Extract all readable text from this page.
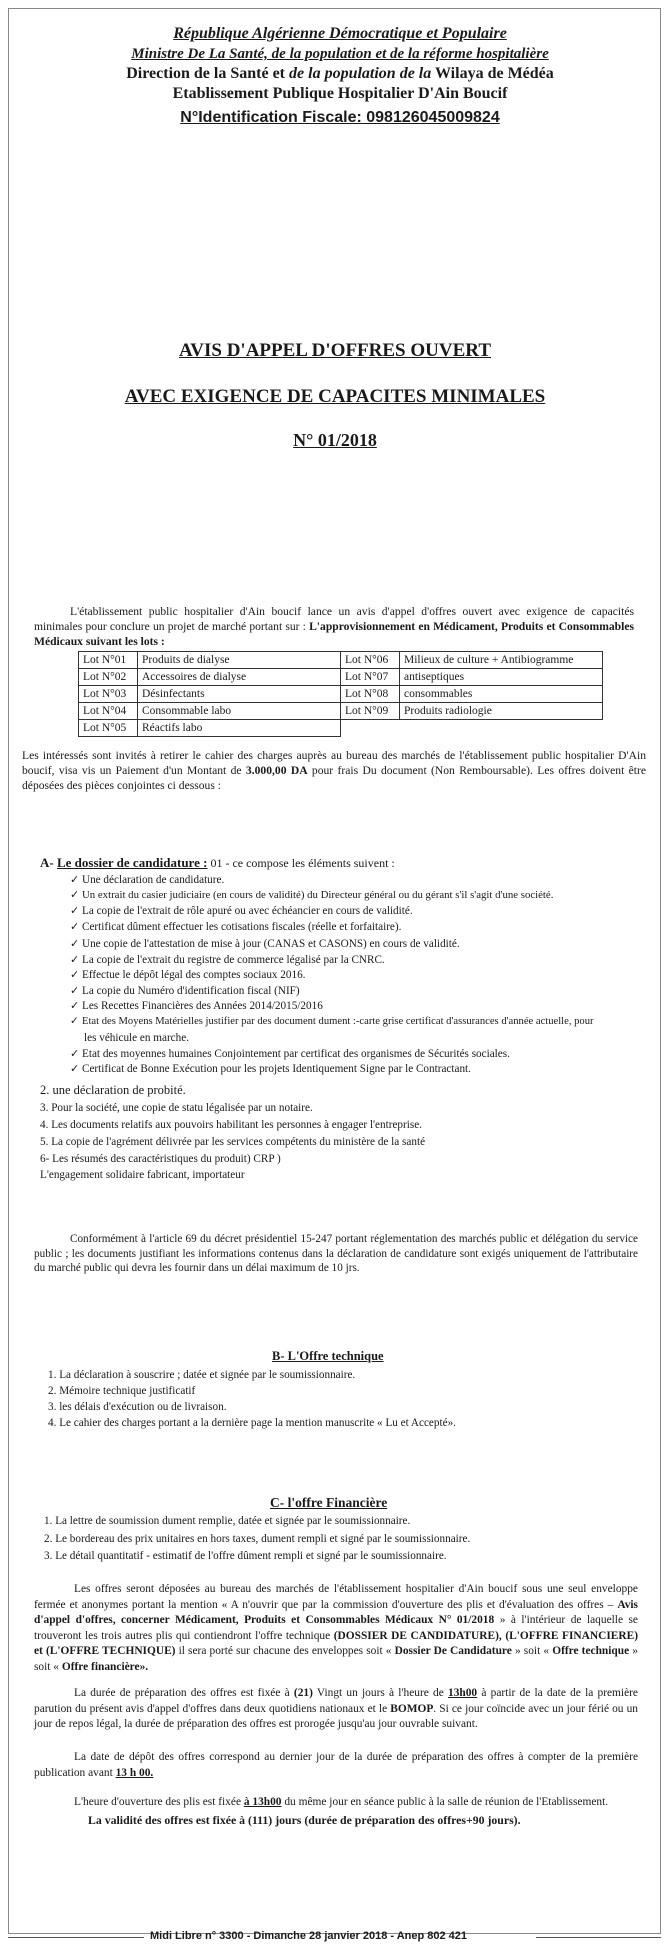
République Algérienne Démocratique et Populaire
Ministre De La Santé, de la population et de la réforme hospitalière
Direction de la Santé et de la population de la Wilaya de Médéa
Etablissement Publique Hospitalier D'Ain Boucif
N°Identification Fiscale: 098126045009824
AVIS D'APPEL D'OFFRES OUVERT
AVEC EXIGENCE DE CAPACITES MINIMALES
N° 01/2018
L'établissement public hospitalier d'Ain boucif lance un avis d'appel d'offres ouvert avec exigence de capacités minimales pour conclure un projet de marché portant sur : L'approvisionnement en Médicament, Produits et Consommables Médicaux suivant les lots :
Lot N°01	Produits de dialyse	Lot N°06	Milieux de culture + Antibiogramme
Lot N°02	Accessoires de dialyse	Lot N°07	antiseptiques
Lot N°03	Désinfectants	Lot N°08	consommables
Lot N°04	Consommable labo	Lot N°09	Produits radiologie
Lot N°05	Réactifs labo		
Les intéressés sont invités à retirer le cahier des charges auprès au bureau des marchés de l'établissement public hospitalier D'Ain boucif, visa vis un Paiement d'un Montant de 3.000,00 DA pour frais Du document (Non Remboursable). Les offres doivent être déposées des pièces conjointes ci dessous :
A- Le dossier de candidature : 01 - ce compose les éléments suivent :
✓ Une déclaration de candidature.
✓ Un extrait du casier judiciaire (en cours de validité) du Directeur général ou du gérant s'il s'agit d'une société.
✓ La copie de l'extrait de rôle apuré ou avec échéancier en cours de validité.
✓ Certificat dûment effectuer les cotisations fiscales (réelle et forfaitaire).
✓ Une copie de l'attestation de mise à jour (CANAS et CASONS) en cours de validité.
✓ La copie de l'extrait du registre de commerce légalisé par la CNRC.
✓ Effectue le dépôt légal des comptes sociaux 2016.
✓ La copie du Numéro d'identification fiscal (NIF)
✓ Les Recettes Financières des Années 2014/2015/2016
✓ Etat des Moyens Matérielles justifier par des document dument :-carte grise certificat d'assurances d'année actuelle, pour
les véhicule en marche.
✓ Etat des moyennes humaines Conjointement par certificat des organismes de Sécurités sociales.
✓ Certificat de Bonne Exécution pour les projets Identiquement Signe par le Contractant.
2. une déclaration de probité.
3. Pour la société, une copie de statu légalisée par un notaire.
4. Les documents relatifs aux pouvoirs habilitant les personnes à engager l'entreprise.
5. La copie de l'agrément délivrée par les services compétents du ministère de la santé
6- Les résumés des caractéristiques du produit) CRP )
L'engagement solidaire fabricant, importateur
Conformément à l'article 69 du décret présidentiel 15-247 portant réglementation des marchés public et délégation du service public ; les documents justifiant les informations contenus dans la déclaration de candidature sont exigés uniquement de l'attributaire du marché public qui devra les fournir dans un délai maximum de 10 jrs.
B- L'Offre technique
1. La déclaration à souscrire ; datée et signée par le soumissionnaire.
2. Mémoire technique justificatif
3. les délais d'exécution ou de livraison.
4. Le cahier des charges portant a la dernière page la mention manuscrite « Lu et Accepté».
C- l'offre Financière
1. La lettre de soumission dument remplie, datée et signée par le soumissionnaire.
2. Le bordereau des prix unitaires en hors taxes, dument rempli et signé par le soumissionnaire.
3. Le détail quantitatif - estimatif de l'offre dûment rempli et signé par le soumissionnaire.
Les offres seront déposées au bureau des marchés de l'établissement hospitalier d'Ain boucif sous une seul enveloppe fermée et anonymes portant la mention « A n'ouvrir que par la commission d'ouverture des plis et d'évaluation des offres – Avis d'appel d'offres, concerner Médicament, Produits et Consommables Médicaux N° 01/2018 » à l'intérieur de laquelle se trouveront les trois autres plis qui contiendront l'offre technique (DOSSIER DE CANDIDATURE), (L'OFFRE FINANCIERE) et (L'OFFRE TECHNIQUE) il sera porté sur chacune des enveloppes soit « Dossier De Candidature » soit « Offre technique » soit « Offre financière».
La durée de préparation des offres est fixée à (21) Vingt un jours à l'heure de 13h00 à partir de la date de la première parution du présent avis d'appel d'offres dans deux quotidiens nationaux et le BOMOP. Si ce jour coïncide avec un jour férié ou un jour de repos légal, la durée de préparation des offres est prorogée jusqu'au jour ouvrable suivant.
La date de dépôt des offres correspond au dernier jour de la durée de préparation des offres à compter de la première publication avant 13 h 00.
L'heure d'ouverture des plis est fixée à 13h00 du même jour en séance public à la salle de réunion de l'Etablissement.
La validité des offres est fixée à (111) jours (durée de préparation des offres+90 jours).
Midi Libre n° 3300 - Dimanche 28 janvier 2018 - Anep 802 421
